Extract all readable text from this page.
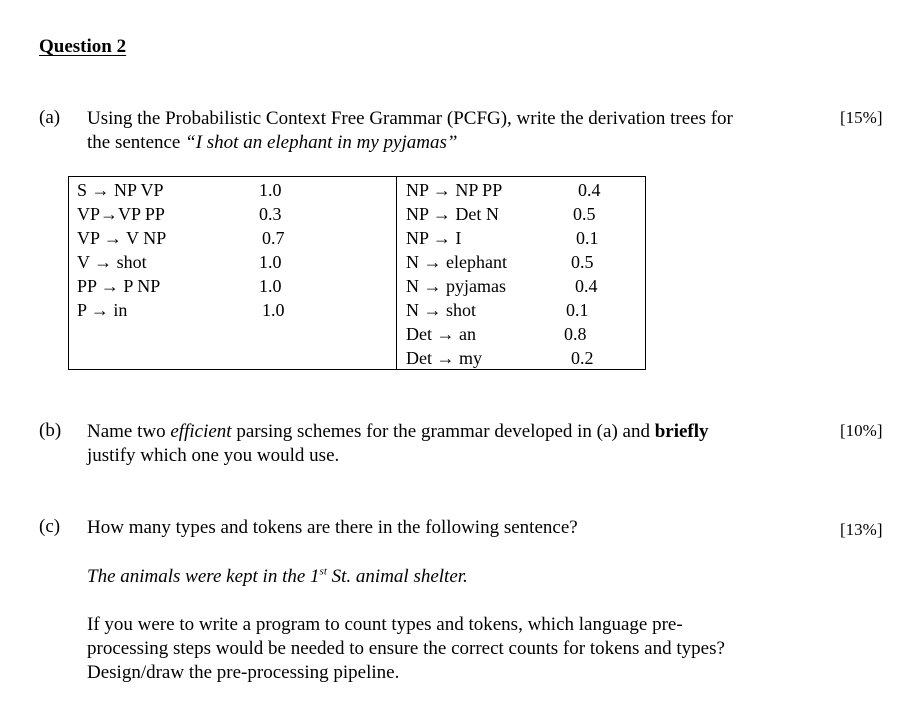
Question 2
(a) Using the Probabilistic Context Free Grammar (PCFG), write the derivation trees for
the sentence “I shot an elephant in my pyjamas”
[15%]
S → NP VP	1.0
VP→VP PP	0.3
VP → V NP	0.7
V → shot	1.0
PP → P NP	1.0
P → in	1.0
NP → NP PP	0.4
NP → Det N	0.5
NP → I	0.1
N → elephant	0.5
N → pyjamas	0.4
N → shot	0.1
Det → an	0.8
Det → my	0.2
(b) Name two efficient parsing schemes for the grammar developed in (a) and briefly
justify which one you would use.
[10%]
(c) How many types and tokens are there in the following sentence?	[13%]
The animals were kept in the 1st St. animal shelter.
If you were to write a program to count types and tokens, which language pre-
processing steps would be needed to ensure the correct counts for tokens and types?
Design/draw the pre-processing pipeline.
